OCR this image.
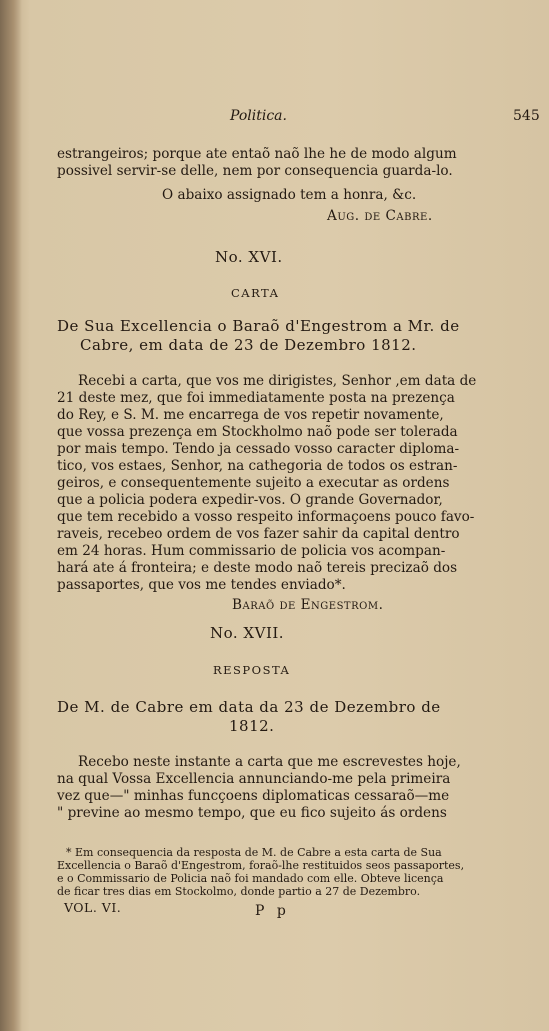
Politica.	545
estrangeiros; porque ate entaõ naõ lhe he de modo algum
possivel servir-se delle, nem por consequencia guarda-lo.
O abaixo assignado tem a honra, &c.
Aug. de Cabre.
No. XVI.
CARTA
De Sua Excellencia o Baraõ d'Engestrom a Mr. de
Cabre, em data de 23 de Dezembro 1812.
Recebi a carta, que vos me dirigistes, Senhor ,em data de
21 deste mez, que foi immediatamente posta na prezença
do Rey, e S. M. me encarrega de vos repetir novamente,
que vossa prezença em Stockholmo naõ pode ser tolerada
por mais tempo. Tendo ja cessado vosso caracter diploma-
tico, vos estaes, Senhor, na cathegoria de todos os estran-
geiros, e consequentemente sujeito a executar as ordens
que a policia podera expedir-vos. O grande Governador,
que tem recebido a vosso respeito informaçoens pouco favo-
raveis, recebeo ordem de vos fazer sahir da capital dentro
em 24 horas. Hum commissario de policia vos acompan-
hará ate á fronteira; e deste modo naõ tereis precizaõ dos
passaportes, que vos me tendes enviado*.
Baraõ de Engestrom.
No. XVII.
RESPOSTA
De M. de Cabre em data da 23 de Dezembro de
1812.
Recebo neste instante a carta que me escrevestes hoje,
na qual Vossa Excellencia annunciando-me pela primeira
vez que—" minhas funcçoens diplomaticas cessaraõ—me
" previne ao mesmo tempo, que eu fico sujeito ás ordens
* Em consequencia da resposta de M. de Cabre a esta carta de Sua
Excellencia o Baraõ d'Engestrom, foraõ-lhe restituidos seos passaportes,
e o Commissario de Policia naõ foi mandado com elle. Obteve licença
de ficar tres dias em Stockolmo, donde partio a 27 de Dezembro.
VOL. VI.	P p
